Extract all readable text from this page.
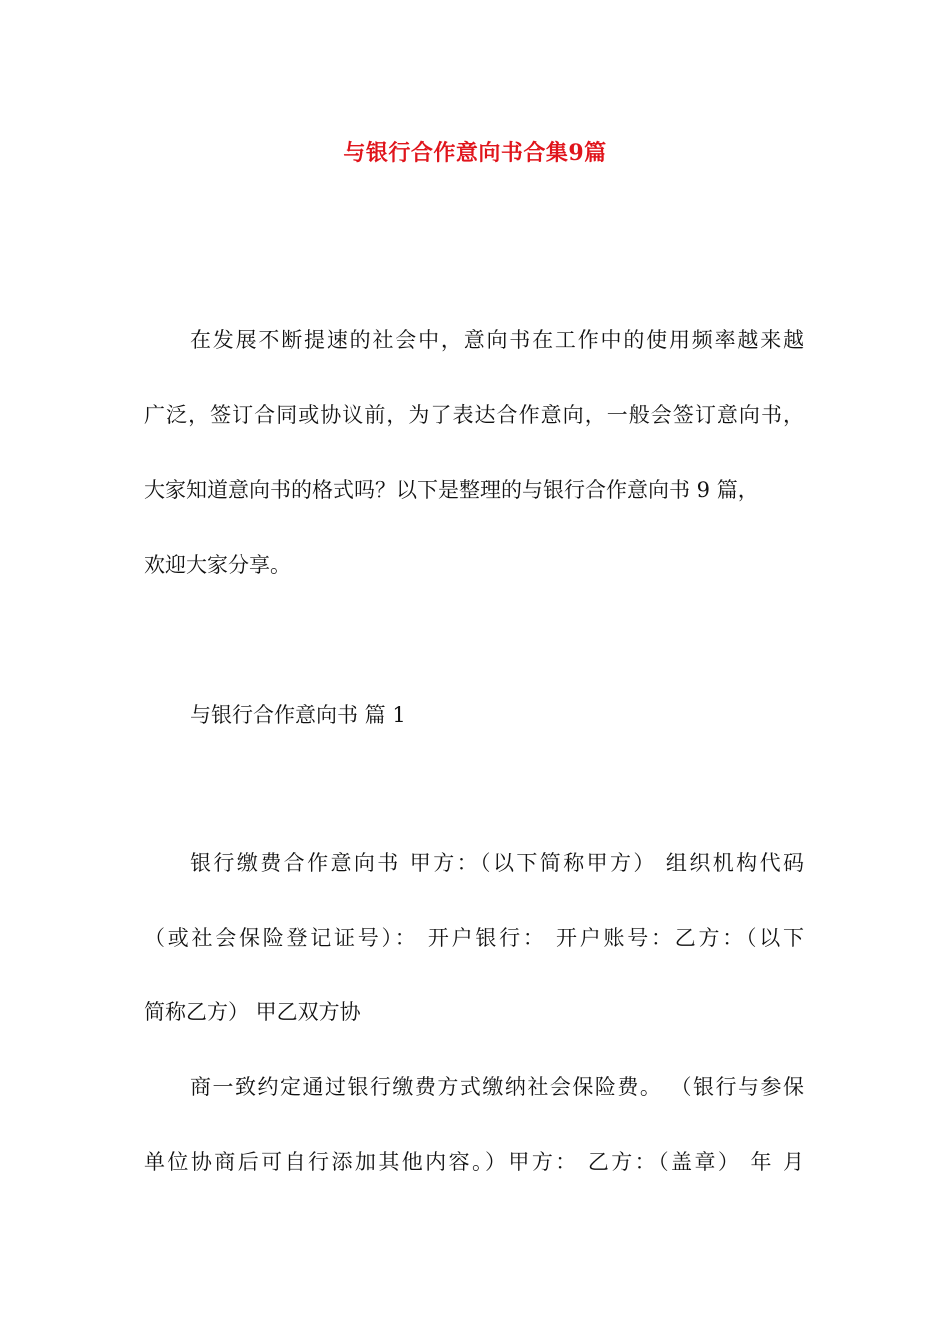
与银行合作意向书合集9篇
在发展不断提速的社会中，意向书在工作中的使用频率越来越
广泛，签订合同或协议前，为了表达合作意向，一般会签订意向书，
大家知道意向书的格式吗？以下是整理的与银行合作意向书 9 篇，
欢迎大家分享。
与银行合作意向书 篇 1
银行缴费合作意向书 甲方：（以下简称甲方） 组织机构代码
（或社会保险登记证号）： 开户银行： 开户账号：乙方：（以下
简称乙方） 甲乙双方协
商一致约定通过银行缴费方式缴纳社会保险费。 （银行与参保
单位协商后可自行添加其他内容。）甲方： 乙方：（盖章） 年 月
